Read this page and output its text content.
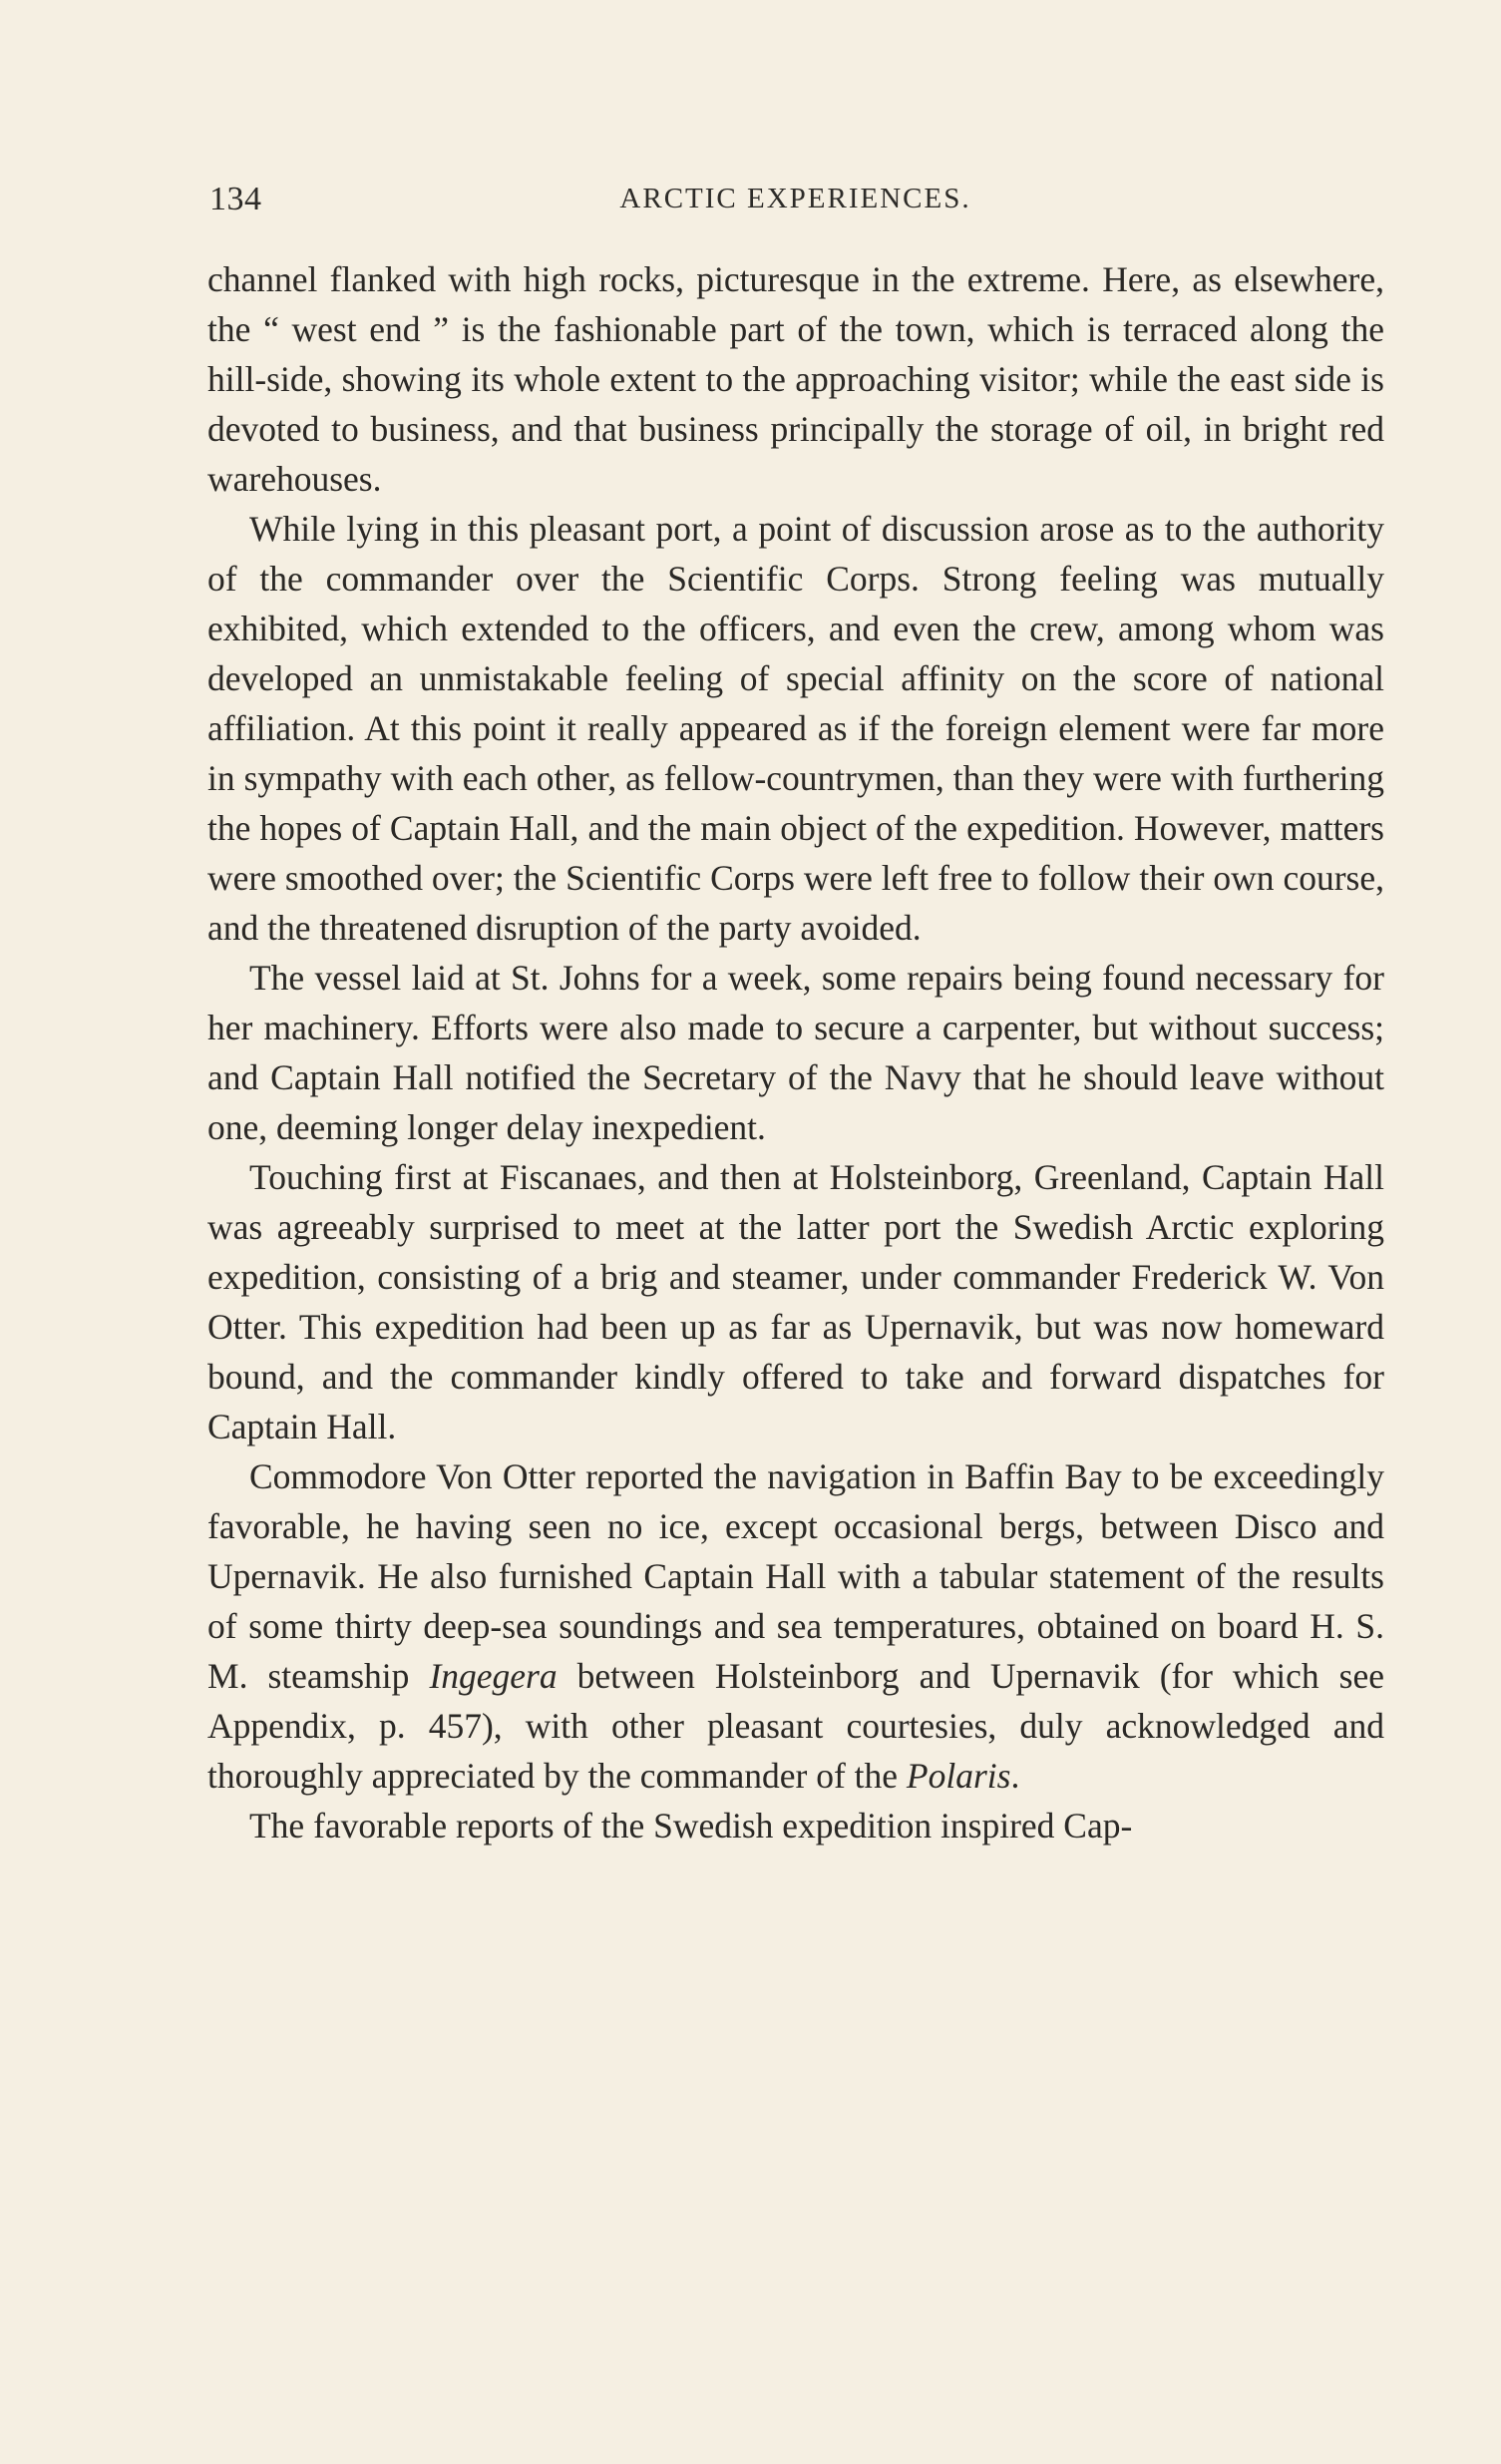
134	ARCTIC EXPERIENCES.

channel flanked with high rocks, picturesque in the extreme. Here, as elsewhere, the “ west end ” is the fashionable part of the town, which is terraced along the hill-side, showing its whole extent to the approaching visitor; while the east side is devoted to business, and that business principally the storage of oil, in bright red warehouses.

While lying in this pleasant port, a point of discussion arose as to the authority of the commander over the Scientific Corps. Strong feeling was mutually exhibited, which extended to the officers, and even the crew, among whom was developed an unmistakable feeling of special affinity on the score of national affiliation. At this point it really appeared as if the foreign element were far more in sympathy with each other, as fellow-countrymen, than they were with furthering the hopes of Captain Hall, and the main object of the expedition. However, matters were smoothed over; the Scientific Corps were left free to follow their own course, and the threatened disruption of the party avoided.

The vessel laid at St. Johns for a week, some repairs being found necessary for her machinery. Efforts were also made to secure a carpenter, but without success; and Captain Hall notified the Secretary of the Navy that he should leave without one, deeming longer delay inexpedient.

Touching first at Fiscanaes, and then at Holsteinborg, Greenland, Captain Hall was agreeably surprised to meet at the latter port the Swedish Arctic exploring expedition, consisting of a brig and steamer, under commander Frederick W. Von Otter. This expedition had been up as far as Upernavik, but was now homeward bound, and the commander kindly offered to take and forward dispatches for Captain Hall.

Commodore Von Otter reported the navigation in Baffin Bay to be exceedingly favorable, he having seen no ice, except occasional bergs, between Disco and Upernavik. He also furnished Captain Hall with a tabular statement of the results of some thirty deep-sea soundings and sea temperatures, obtained on board H. S. M. steamship Ingegera between Holsteinborg and Upernavik (for which see Appendix, p. 457), with other pleasant courtesies, duly acknowledged and thoroughly appreciated by the commander of the Polaris.

The favorable reports of the Swedish expedition inspired Cap-
